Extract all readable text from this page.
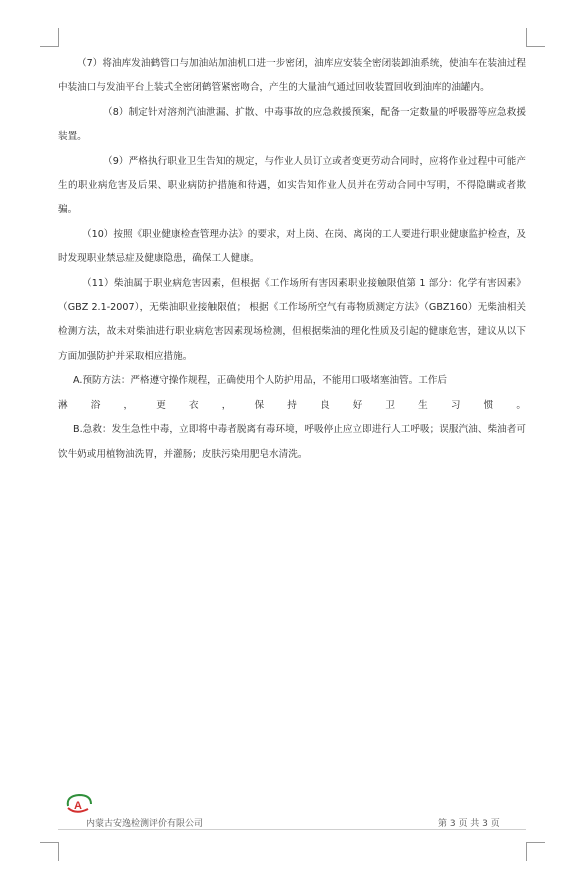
（7）将油库发油鹤管口与加油站加油机口进一步密闭，油库应安装全密闭装卸油系统，使油车在装油过程中装油口与发油平台上装式全密闭鹤管紧密吻合，产生的大量油气通过回收装置回收到油库的油罐内。

（8）制定针对溶剂汽油泄漏、扩散、中毒事故的应急救援预案，配备一定数量的呼吸器等应急救援装置。

（9）严格执行职业卫生告知的规定，与作业人员订立或者变更劳动合同时，应将作业过程中可能产生的职业病危害及后果、职业病防护措施和待遇，如实告知作业人员并在劳动合同中写明，不得隐瞒或者欺骗。

（10）按照《职业健康检查管理办法》的要求，对上岗、在岗、离岗的工人要进行职业健康监护检查，及时发现职业禁忌症及健康隐患，确保工人健康。

（11）柴油属于职业病危害因素，但根据《工作场所有害因素职业接触限值第 1 部分：化学有害因素》（GBZ 2.1-2007），无柴油职业接触限值； 根据《工作场所空气有毒物质测定方法》（GBZ160）无柴油相关检测方法，故未对柴油进行职业病危害因素现场检测，但根据柴油的理化性质及引起的健康危害，建议从以下方面加强防护并采取相应措施。

A.预防方法：严格遵守操作规程，正确使用个人防护用品，不能用口吸堵塞油管。工作后

淋浴，更衣，保持良好卫生习惯。

B.急救：发生急性中毒，立即将中毒者脱离有毒环境，呼吸停止应立即进行人工呼吸；误服汽油、柴油者可饮牛奶或用植物油洗胃，并灌肠；皮肤污染用肥皂水清洗。

A
内蒙古安逸检测评价有限公司	第 3 页 共 3 页
